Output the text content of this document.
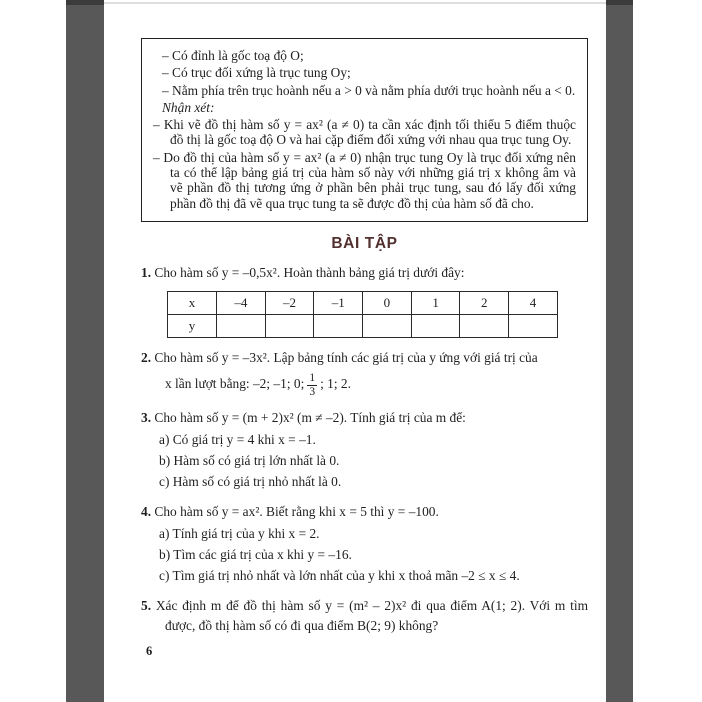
– Có đỉnh là gốc toạ độ O;

– Có trục đối xứng là trục tung Oy;

– Nằm phía trên trục hoành nếu a > 0 và nằm phía dưới trục hoành nếu a < 0.

Nhận xét:

– Khi vẽ đồ thị hàm số y = ax² (a ≠ 0) ta cần xác định tối thiểu 5 điểm thuộc đồ thị là gốc toạ độ O và hai cặp điểm đối xứng với nhau qua trục tung Oy.

– Do đồ thị của hàm số y = ax² (a ≠ 0) nhận trục tung Oy là trục đối xứng nên ta có thể lập bảng giá trị của hàm số này với những giá trị x không âm và vẽ phần đồ thị tương ứng ở phần bên phải trục tung, sau đó lấy đối xứng phần đồ thị đã vẽ qua trục tung ta sẽ được đồ thị của hàm số đã cho.

BÀI TẬP

1. Cho hàm số y = –0,5x². Hoàn thành bảng giá trị dưới đây:

x	–4	–2	–1	0	1	2	4
y							

2. Cho hàm số y = –3x². Lập bảng tính các giá trị của y ứng với giá trị của

x lần lượt bằng: –2; –1; 0; $\frac{1}{3}$ ; 1; 2.

3. Cho hàm số y = (m + 2)x² (m ≠ –2). Tính giá trị của m để:

a) Có giá trị y = 4 khi x = –1.

b) Hàm số có giá trị lớn nhất là 0.

c) Hàm số có giá trị nhỏ nhất là 0.

4. Cho hàm số y = ax². Biết rằng khi x = 5 thì y = –100.

a) Tính giá trị của y khi x = 2.

b) Tìm các giá trị của x khi y = –16.

c) Tìm giá trị nhỏ nhất và lớn nhất của y khi x thoả mãn –2 ≤ x ≤ 4.

5. Xác định m để đồ thị hàm số y = (m² – 2)x² đi qua điểm A(1; 2). Với m tìm được, đồ thị hàm số có đi qua điểm B(2; 9) không?

6
